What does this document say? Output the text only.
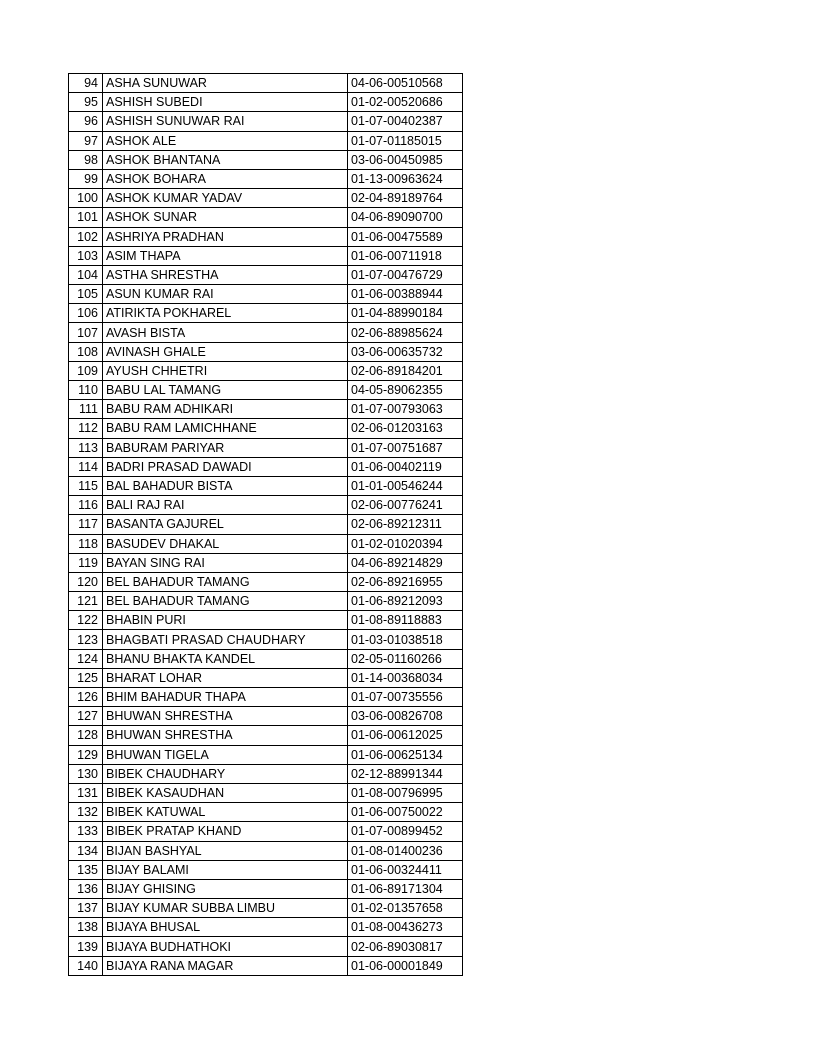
94	ASHA SUNUWAR	04-06-00510568
95	ASHISH SUBEDI	01-02-00520686
96	ASHISH SUNUWAR RAI	01-07-00402387
97	ASHOK ALE	01-07-01185015
98	ASHOK BHANTANA	03-06-00450985
99	ASHOK BOHARA	01-13-00963624
100	ASHOK KUMAR YADAV	02-04-89189764
101	ASHOK SUNAR	04-06-89090700
102	ASHRIYA PRADHAN	01-06-00475589
103	ASIM THAPA	01-06-00711918
104	ASTHA SHRESTHA	01-07-00476729
105	ASUN KUMAR RAI	01-06-00388944
106	ATIRIKTA POKHAREL	01-04-88990184
107	AVASH BISTA	02-06-88985624
108	AVINASH GHALE	03-06-00635732
109	AYUSH CHHETRI	02-06-89184201
110	BABU LAL TAMANG	04-05-89062355
111	BABU RAM ADHIKARI	01-07-00793063
112	BABU RAM LAMICHHANE	02-06-01203163
113	BABURAM PARIYAR	01-07-00751687
114	BADRI PRASAD DAWADI	01-06-00402119
115	BAL BAHADUR BISTA	01-01-00546244
116	BALI RAJ RAI	02-06-00776241
117	BASANTA GAJUREL	02-06-89212311
118	BASUDEV DHAKAL	01-02-01020394
119	BAYAN SING RAI	04-06-89214829
120	BEL BAHADUR TAMANG	02-06-89216955
121	BEL BAHADUR TAMANG	01-06-89212093
122	BHABIN PURI	01-08-89118883
123	BHAGBATI PRASAD CHAUDHARY	01-03-01038518
124	BHANU BHAKTA KANDEL	02-05-01160266
125	BHARAT LOHAR	01-14-00368034
126	BHIM BAHADUR THAPA	01-07-00735556
127	BHUWAN SHRESTHA	03-06-00826708
128	BHUWAN SHRESTHA	01-06-00612025
129	BHUWAN TIGELA	01-06-00625134
130	BIBEK CHAUDHARY	02-12-88991344
131	BIBEK KASAUDHAN	01-08-00796995
132	BIBEK KATUWAL	01-06-00750022
133	BIBEK PRATAP KHAND	01-07-00899452
134	BIJAN BASHYAL	01-08-01400236
135	BIJAY BALAMI	01-06-00324411
136	BIJAY GHISING	01-06-89171304
137	BIJAY KUMAR SUBBA LIMBU	01-02-01357658
138	BIJAYA BHUSAL	01-08-00436273
139	BIJAYA BUDHATHOKI	02-06-89030817
140	BIJAYA RANA MAGAR	01-06-00001849
